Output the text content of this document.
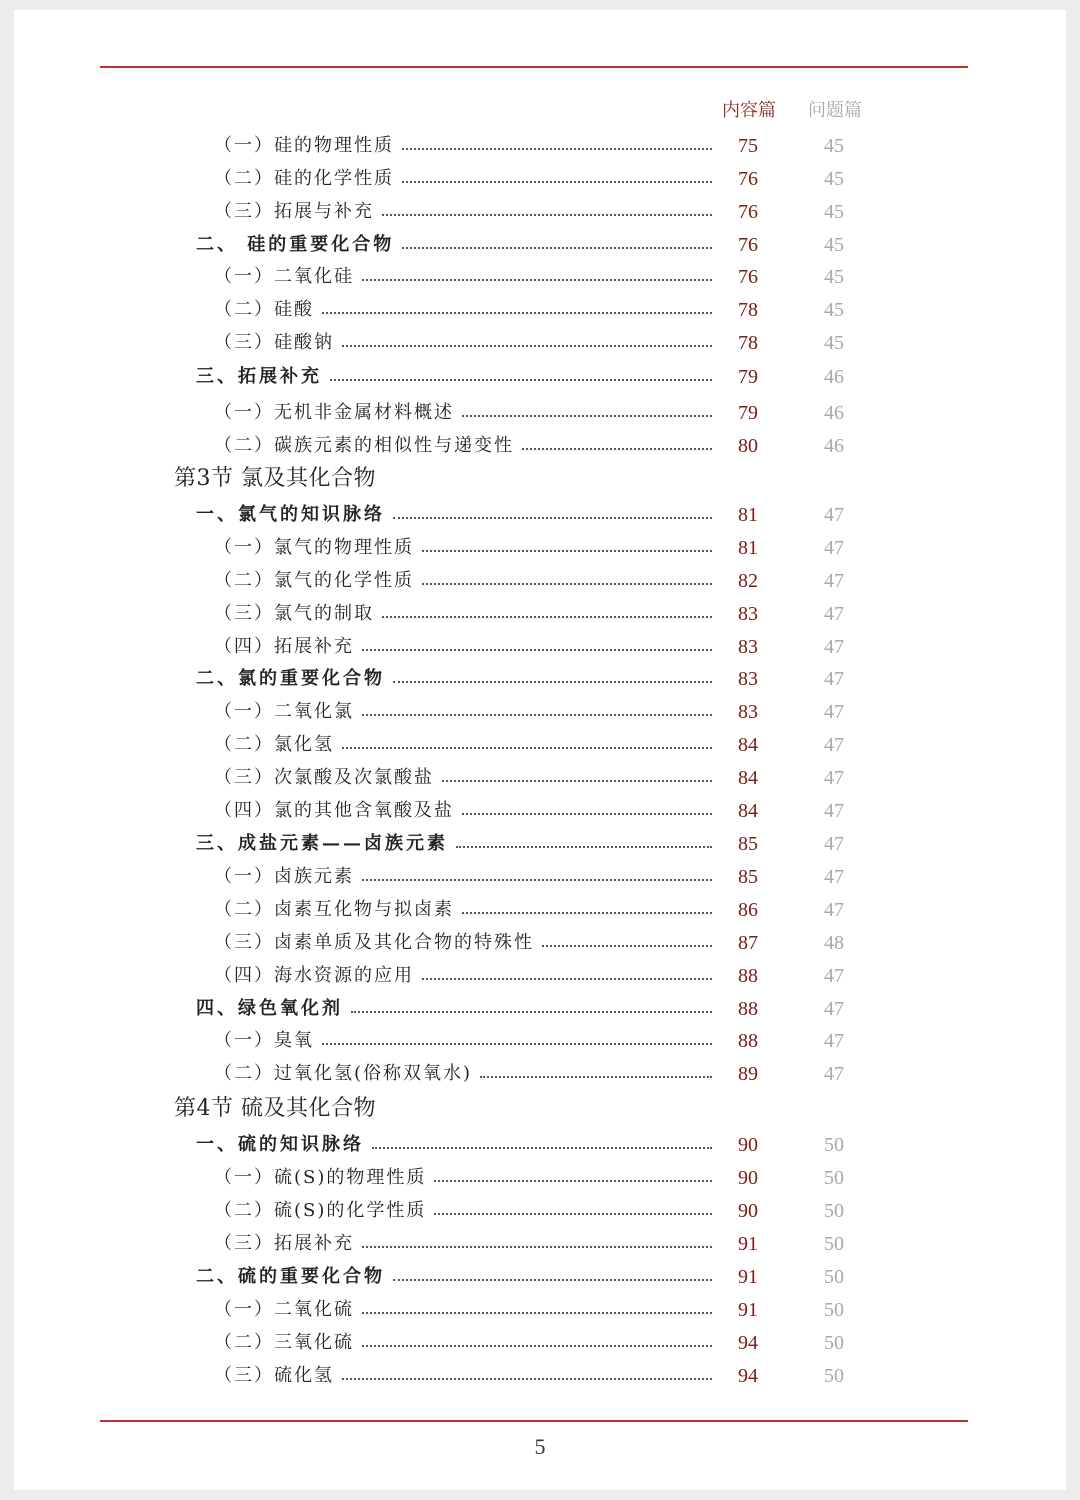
内容篇 问题篇
（一）硅的物理性质	75	45
（二）硅的化学性质	76	45
（三）拓展与补充	76	45
二、 硅的重要化合物	76	45
（一）二氧化硅	76	45
（二）硅酸	78	45
（三）硅酸钠	78	45
三、拓展补充	79	46
（一）无机非金属材料概述	79	46
（二）碳族元素的相似性与递变性	80	46
第3节 氯及其化合物
一、氯气的知识脉络	81	47
（一）氯气的物理性质	81	47
（二）氯气的化学性质	82	47
（三）氯气的制取	83	47
（四）拓展补充	83	47
二、氯的重要化合物	83	47
（一）二氧化氯	83	47
（二）氯化氢	84	47
（三）次氯酸及次氯酸盐	84	47
（四）氯的其他含氧酸及盐	84	47
三、成盐元素——卤族元素	85	47
（一）卤族元素	85	47
（二）卤素互化物与拟卤素	86	47
（三）卤素单质及其化合物的特殊性	87	48
（四）海水资源的应用	88	47
四、绿色氧化剂	88	47
（一）臭氧	88	47
（二）过氧化氢(俗称双氧水)	89	47
第4节 硫及其化合物
一、硫的知识脉络	90	50
（一）硫(S)的物理性质	90	50
（二）硫(S)的化学性质	90	50
（三）拓展补充	91	50
二、硫的重要化合物	91	50
（一）二氧化硫	91	50
（二）三氧化硫	94	50
（三）硫化氢	94	50
5
